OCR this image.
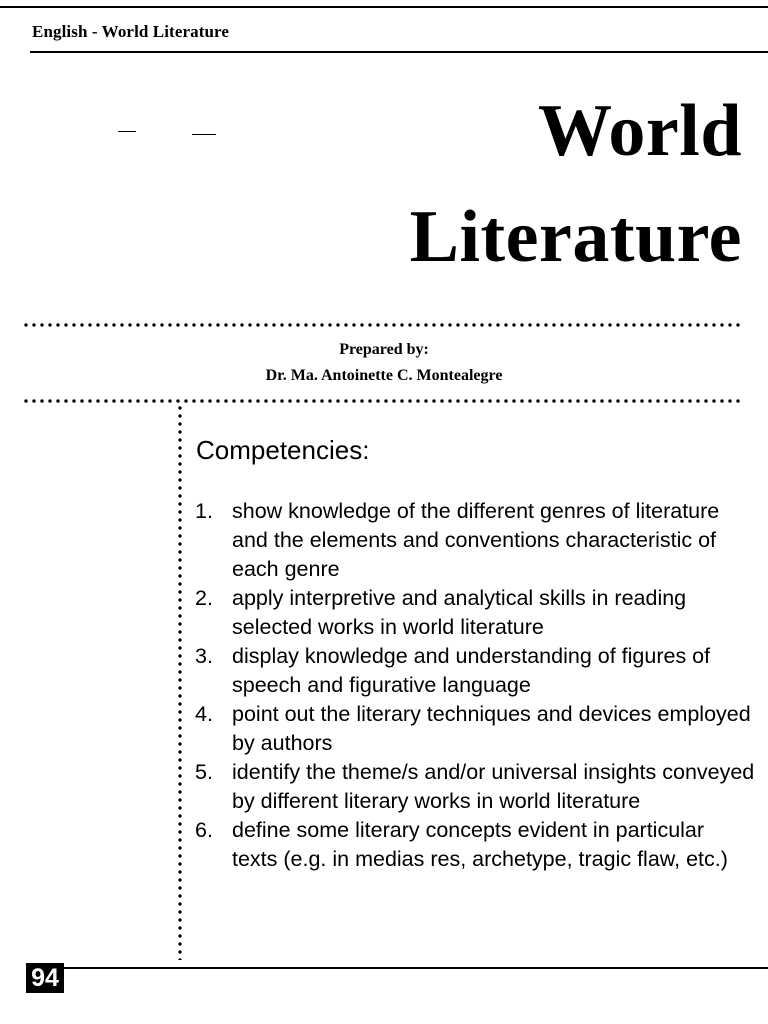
English - World Literature
World
Literature
Prepared by:
Dr. Ma. Antoinette C. Montealegre
Competencies:
1. show knowledge of the different genres of literature and the elements and conventions characteristic of each genre
2. apply interpretive and analytical skills in reading selected works in world literature
3. display knowledge and understanding of figures of speech and figurative language
4. point out the literary techniques and devices employed by authors
5. identify the theme/s and/or universal insights conveyed by different literary works in world literature
6. define some literary concepts evident in particular texts (e.g. in medias res, archetype, tragic flaw, etc.)
94
